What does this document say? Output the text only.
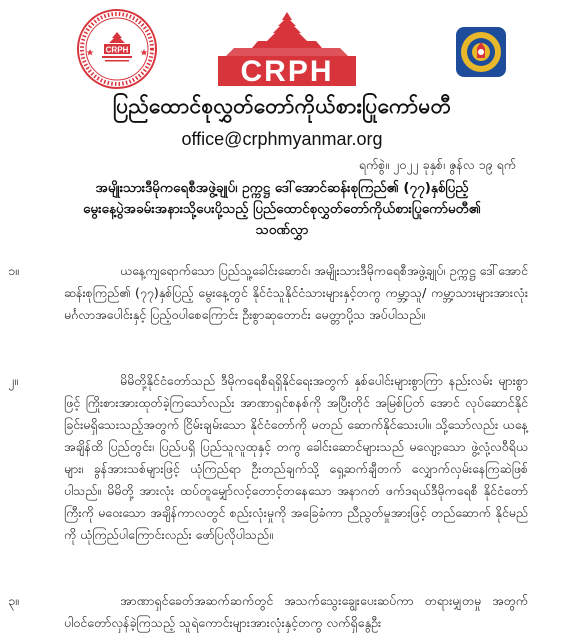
CRPH
CRPH
ပြည်ထောင်စုလွှတ်တော်ကိုယ်စားပြုကော်မတီ
office@crphmyanmar.org
ရက်စွဲ။ ၂၀၂၂ ခုနှစ်၊ ဇွန်လ ၁၉ ရက်
အမျိုးသားဒီမိုကရေစီအဖွဲ့ချုပ်၊ ဥက္ကဋ္ဌ ဒေါ်အောင်ဆန်းစုကြည်၏ (၇၇)နှစ်ပြည့်
မွေးနေ့ပွဲအခမ်းအနားသို့ပေးပို့သည့် ပြည်ထောင်စုလွှတ်တော်ကိုယ်စားပြုကော်မတီ၏
သဝဏ်လွှာ
၁။	ယနေ့ကျရောက်သော ပြည်သူ့ခေါင်းဆောင်၊ အမျိုးသားဒီမိုကရေစီအဖွဲ့ချုပ်၊ ဥက္ကဋ္ဌ ဒေါ်အောင်ဆန်းစုကြည်၏ (၇၇)နှစ်ပြည့် မွေးနေ့တွင် နိုင်ငံသူနိုင်ငံသားများနှင့်တကွ ကမ္ဘာ့သူ/ ကမ္ဘာ့သားများအားလုံး မင်္ဂလာအပေါင်းနှင့် ပြည့်ဝပါစေကြောင်း ဦးစွာဆုတောင်း မေတ္တာပို့သ အပ်ပါသည်။
၂။	မိမိတို့နိုင်ငံတော်သည် ဒီမိုကရေစီရရှိနိုင်ရေးအတွက် နှစ်ပေါင်းများစွာကြာ နည်းလမ်း များစွာဖြင့် ကြိုးစားအားထုတ်ခဲ့ကြသော်လည်း အာဏာရှင်စနစ်ကို အပြီးတိုင် အမြစ်ပြတ် အောင် လုပ်ဆောင်နိုင်ခြင်းမရှိသေးသည့်အတွက် ငြိမ်းချမ်းသော နိုင်ငံတော်ကို မတည် ဆောက်နိုင်သေးပါ။ သို့သော်လည်း ယနေ့အချိန်ထိ ပြည်တွင်း၊ ပြည်ပရှိ ပြည်သူလူထုနှင့် တကွ ခေါင်းဆောင်များသည် မလျော့သော ဖွဲ့လုံ့လဝီရိယများ၊ ခွန်အားသစ်များဖြင့် ယုံကြည်ရာ ဦးတည်ချက်သို့ ရှေ့ဆက်ချီတက် လျှောက်လှမ်းနေကြဆဲဖြစ်ပါသည်။ မိမိတို့ အားလုံး ထပ်တူမျှော်လင့်တောင့်တနေသော အနာဂတ် ဖက်ဒရယ်ဒီမိုကရေစီ နိုင်ငံတော်ကြီးကို မဝေးသော အချိန်ကာလတွင် စည်းလုံးမှုကို အခြေခံကာ ညီညွတ်မှုအားဖြင့် တည်ဆောက် နိုင်မည်ကို ယုံကြည်ပါကြောင်းလည်း ဖော်ပြလိုပါသည်။
၃။	အာဏာရှင်ခေတ်အဆက်ဆက်တွင် အသက်သွေးချွေးပေးဆပ်ကာ တရားမျှတမှု အတွက် ပါဝင်တော်လှန်ခဲ့ကြသည့် သူရဲကောင်းများအားလုံးနှင့်တကွ လက်ရှိနွေဦး
